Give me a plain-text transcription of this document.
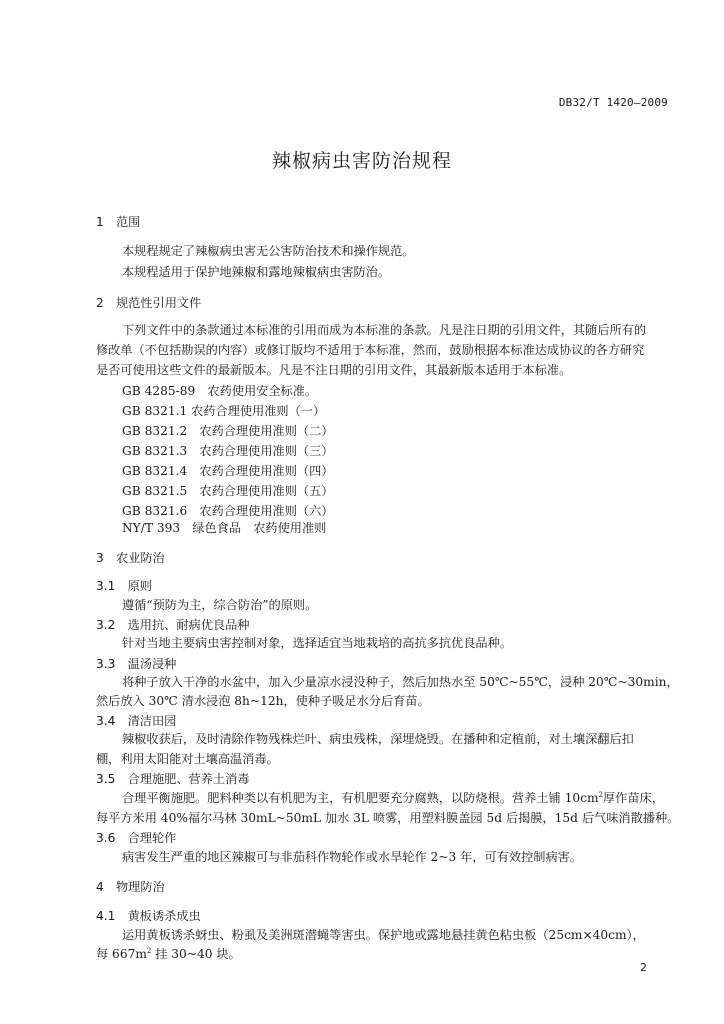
DB32/T 1420—2009
辣椒病虫害防治规程
1　范围
本规程规定了辣椒病虫害无公害防治技术和操作规范。
本规程适用于保护地辣椒和露地辣椒病虫害防治。
2　规范性引用文件
下列文件中的条款通过本标准的引用而成为本标准的条款。凡是注日期的引用文件，其随后所有的
修改单（不包括勘误的内容）或修订版均不适用于本标准，然而，鼓励根据本标准达成协议的各方研究
是否可使用这些文件的最新版本。凡是不注日期的引用文件，其最新版本适用于本标准。
GB 4285-89　农药使用安全标准。
GB 8321.1 农药合理使用准则（一）
GB 8321.2　农药合理使用准则（二）
GB 8321.3　农药合理使用准则（三）
GB 8321.4　农药合理使用准则（四）
GB 8321.5　农药合理使用准则（五）
GB 8321.6　农药合理使用准则（六）
NY/T 393　绿色食品　农药使用准则
3　农业防治
3.1　原则
遵循“预防为主，综合防治”的原则。
3.2　选用抗、耐病优良品种
针对当地主要病虫害控制对象，选择适宜当地栽培的高抗多抗优良品种。
3.3　温汤浸种
将种子放入干净的水盆中，加入少量凉水浸没种子，然后加热水至 50℃~55℃，浸种 20℃~30min，
然后放入 30℃ 清水浸泡 8h~12h，使种子吸足水分后育苗。
3.4　清洁田园
辣椒收获后，及时清除作物残株烂叶、病虫残株，深埋烧毁。在播种和定植前，对土壤深翻后扣
棚，利用太阳能对土壤高温消毒。
3.5　合理施肥、营养土消毒
合理平衡施肥。肥料种类以有机肥为主，有机肥要充分腐熟，以防烧根。营养土铺 $10cm^2$厚作苗床，
每平方米用 40%福尔马林 30mL~50mL 加水 3L 喷雾，用塑料膜盖园 5d 后揭膜，15d 后气味消散播种。
3.6　合理轮作
病害发生严重的地区辣椒可与非茄科作物轮作或水旱轮作 2~3 年，可有效控制病害。
4　物理防治
4.1　黄板诱杀成虫
运用黄板诱杀蚜虫、粉虱及美洲斑潜蝇等害虫。保护地或露地悬挂黄色粘虫板（25cm×40cm），
每 $667m^2$ 挂 30~40 块。
2
